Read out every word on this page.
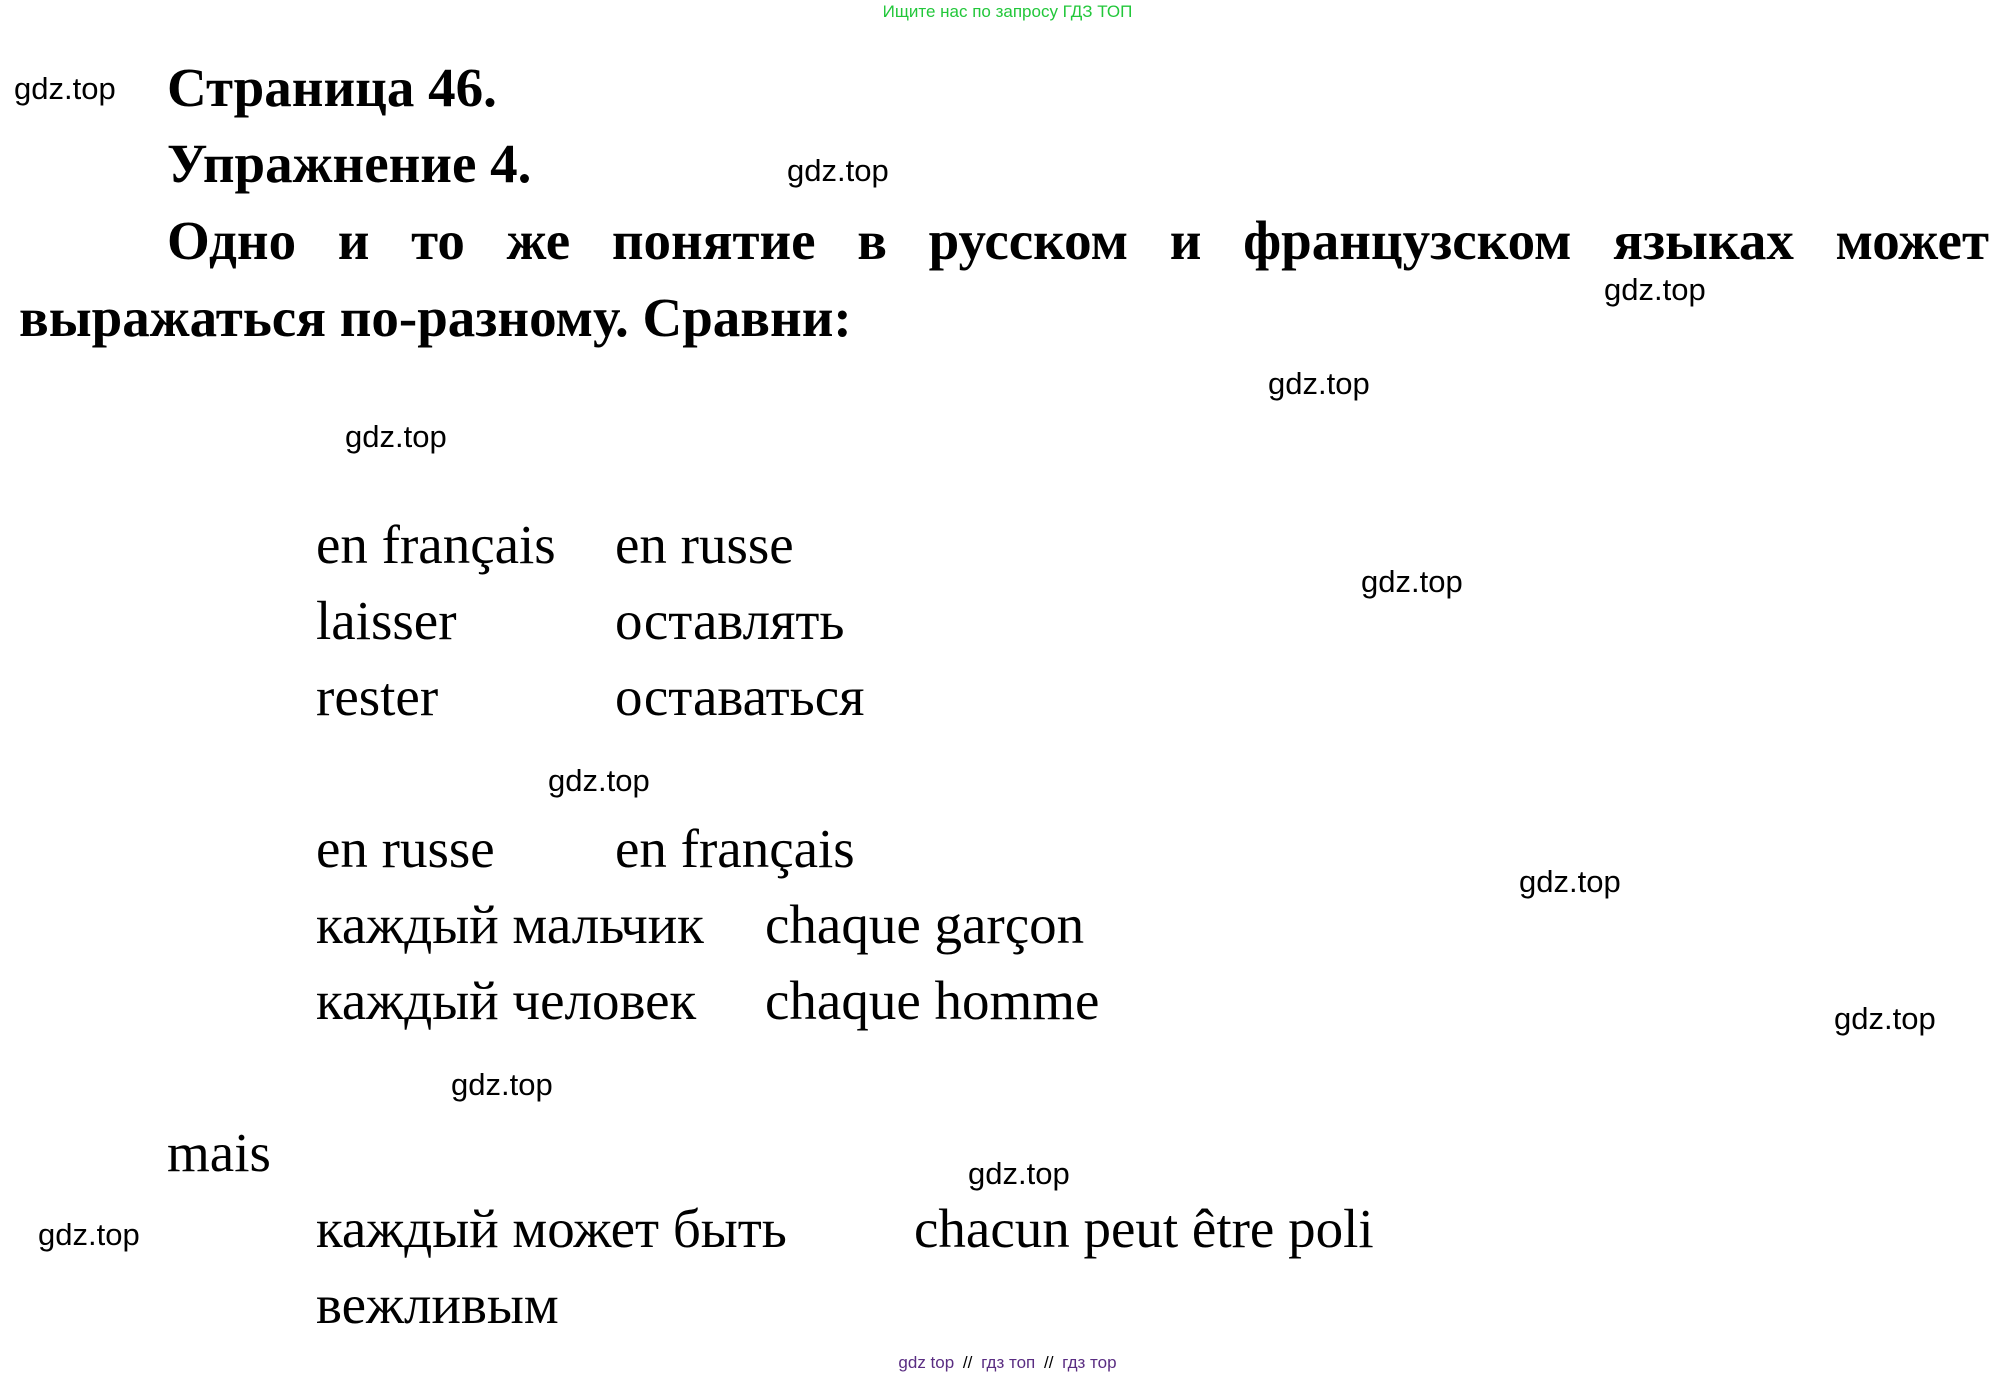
Ищите нас по запросу ГДЗ ТОП
Страница 46.
Упражнение 4.
Одно и то же понятие в русском и французском языках может
выражаться по-разному. Сравни:
en français en russe
laisser	оставлять
rester	оставаться
en russe en français
каждый мальчик chaque garçon
каждый человек chaque homme
mais
каждый может быть chacun peut être poli
вежливым
gdz.top
gdz.top
gdz.top
gdz.top
gdz.top
gdz.top
gdz.top
gdz.top
gdz.top
gdz.top
gdz.top
gdz.top
gdz top // гдз топ // гдз тор
